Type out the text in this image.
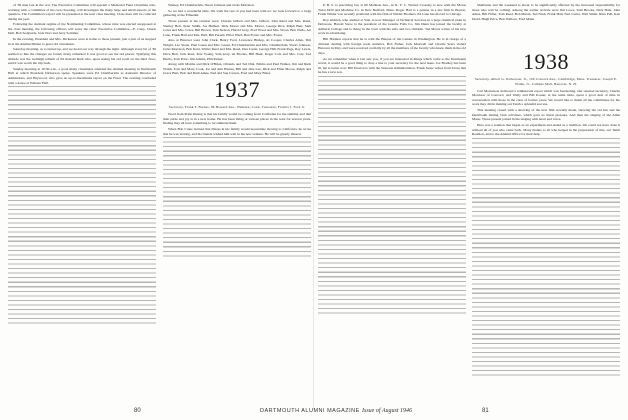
of '36 men late in the war. The Executive Committee will appoint a Memorial Fund Chairman who, working with a committee of his own choosing, will investigate the many large and small aspects of the question. The Committee's report will be presented at the next class meeting. Class dues will be collected during the year.

Following the dormant regime of the Nominating Committee, whose slate was elected unopposed at the class meeting, the following officers will serve the class: Executive Committee—E. Cuny, Chuck Dell, Bob Sedgwick, Jack Norr and Jerry Sommer.

In the evening, President and Mrs. Dickerson were at home to those present, just a part of us stopped in at the Alumni Dinner to greet old classmates.

Saturday morning, as to turned up, and we hoard our way through the night. Although every bit of '36 seemed to like the changes we found, many remarked it was good to see the old places. Typifying this attitude was the wellnigh remark of Ed Ronald Ruth who, upon seeing his old room on the third floor, said it was worth the trip back.

Sunday morning at 10:30 a.m., a good many classmates attended the Alumni meeting in Dartmouth Hall at which President Dickerson spoke. Speakers were Ed Chamberlain as Assistant Director of Admissions, and Haywood, who gave an up-to-the-minute report on the Fund. The evening concluded with a dance at Webster Hall.

Stanley, Ed Chamberlain, Stuart Johnson and Jacks Morrison.

So we had a wonderful time. We wish the rest of you had been with us: we look forward to a large gathering at the Fifteenth.

Those present at the reunion were: Charles Gilbert and Mrs. Gilbert, John Rand and Mrs. Rand, Stanley Holt, Peter Smith, Joe Hulbert, Dick Moore and Mrs. Moore, George Rice, Ralph Burr, Sam Coles and Mrs. Coles, Bill Brown, Tom Nelson, Harold Gray, Fred Wood and Mrs. Wood, Bob Wells, Art Lane, Frank Hall and Mrs. Hall, Bill Parsell, Elliot Ward, Ben Foster and Mrs. Foster.

Also at Hanover were John Clark, Henry Ford, Lawrence Bishop, Al Cooper, Charles Allen, Tim Wright, Leo Stone, Paul Green and Mrs. Green, Ed Chamberlain and Mrs. Chamberlain, Stuart Johnson, Jacks Morrison, Bob Kent, Walter Reed and Mrs. Reed, Dan Carter, George Hill, Frank Page, Ray Lewis, Dave Bell, Jack Ross, Pete Young, Sam Gray, Al Brooks, Bill Hunt, Roger Cole and Mrs. Cole, Ted Harris, Tom Price, Jim Adams, Phil Parker.

Along with Martha and Dick O'Brien, Orlando and Ted Dial, Emma and Paul Walker, Jim and Ruth Walsh, Tom and Mary Cook, Joe and Ann Barnes, Bill and Jane Lee, Dick and Ellen Moore, Ralph and Grace Burr, Bob and Ruth Ames, Ned and Sue Carson, Fred and Mary Bates.

1937
Secretary, Frank T. Barnes, 96 Howard Ave., Hamden, Conn. Treasurer, Francis J. Ford Jr.

Word from Pride Daring is that his family would be coming from California for the summer and that their pride and joy is in a new home. He has been living at various places in the west for several years, finding they all have something to recommend them.

When Bob Crane learned that illness in his family would necessitate moving to California, he wrote that he was leaving, and his friends wished him well in his new venture. He will be greatly missed.

P. B. S. is practicing law at 60 Madison Ave., in N. Y. C. Warren Crossley is now with the Morse Twist Drill and Machine Co. in New Bedford, Mass. Roger Hart is a partner in a law firm in Boston. Frank Wilder was recently promoted with the firm of Wilder Brothers. Ed Lane has moved to Chicago.

Roy Aldrich, who studied at Yale, is now Manager of Technical Services in a large chemical plant in Delaware. Harold Snow is the president of the Granite Falls Co. Jim Dunn has joined the faculty at Amherst College and is living in the town with his wife and two children. Ted Morse writes of his new work in advertising.

Bill Harmon reports that he is with the Bureau of the Census in Washington. He is in charge of a division dealing with foreign trade statistics. Bob Fisher, Jack Maxwell and Charlie Sears visited Hanover in May, and were received cordially by all the members of the faculty who knew them in the old days.

As we remember when it last saw you, if you are interested in things which come to the Dartmouth world, it would be a good thing to drop a line to your secretary for the next issue. Joe Bradley has been ill, but is better now. Bill Preston is with the Veterans Administration. Frank Stone writes from Texas that he has a new son.

Shelburne and the weekend is about to be significantly affected by the increased responsibility for those who will be coming. Among the earlier arrivals were Jim Lowe, Sam Brooks, Dick Hale, John Ames, Bill Fuller, Tom Reed, Bob Marsh, Ted Nash, Frank Hall, Ned Carter, Walt Small, Russ Pell, Ken Dodd, Hugh Price, Bob Wallace, Fred Mann.

1938
Secretary, Albert G. Dickerson, Jr., 100 Concord Ave., Cambridge, Mass. Treasurer, Joseph E. Walsh, Jr., Campus Mail, Hanover, N. H.

Carl Mortenson delivered a reminiscent report which was fascinating. Our reunion secretary, Charlie Morrison of Concord, and Wally and Bill Koster, at the same table, spent a good deal of time in conversation with those in the class of former years. We would like to thank all the committees for the work they did in making our Tenth a splendid success.

This meeting closed with a showing of the new film recently made, showing the old Inn and the Dartmouth Outing Club activities, which gave us much pleasure. And then the singing of the Alma Mater. Those present joined in the singing with heart and voice.

Here was a reunion that began as an experiment and ended as a tradition. We could not have done it without all of you who came back. Many thanks to all who helped in the preparation of this, our Tenth Reunion, and to the Alumni Office for their help.

80	DARTMOUTH ALUMNI MAGAZINE Issue of August 1946	81
